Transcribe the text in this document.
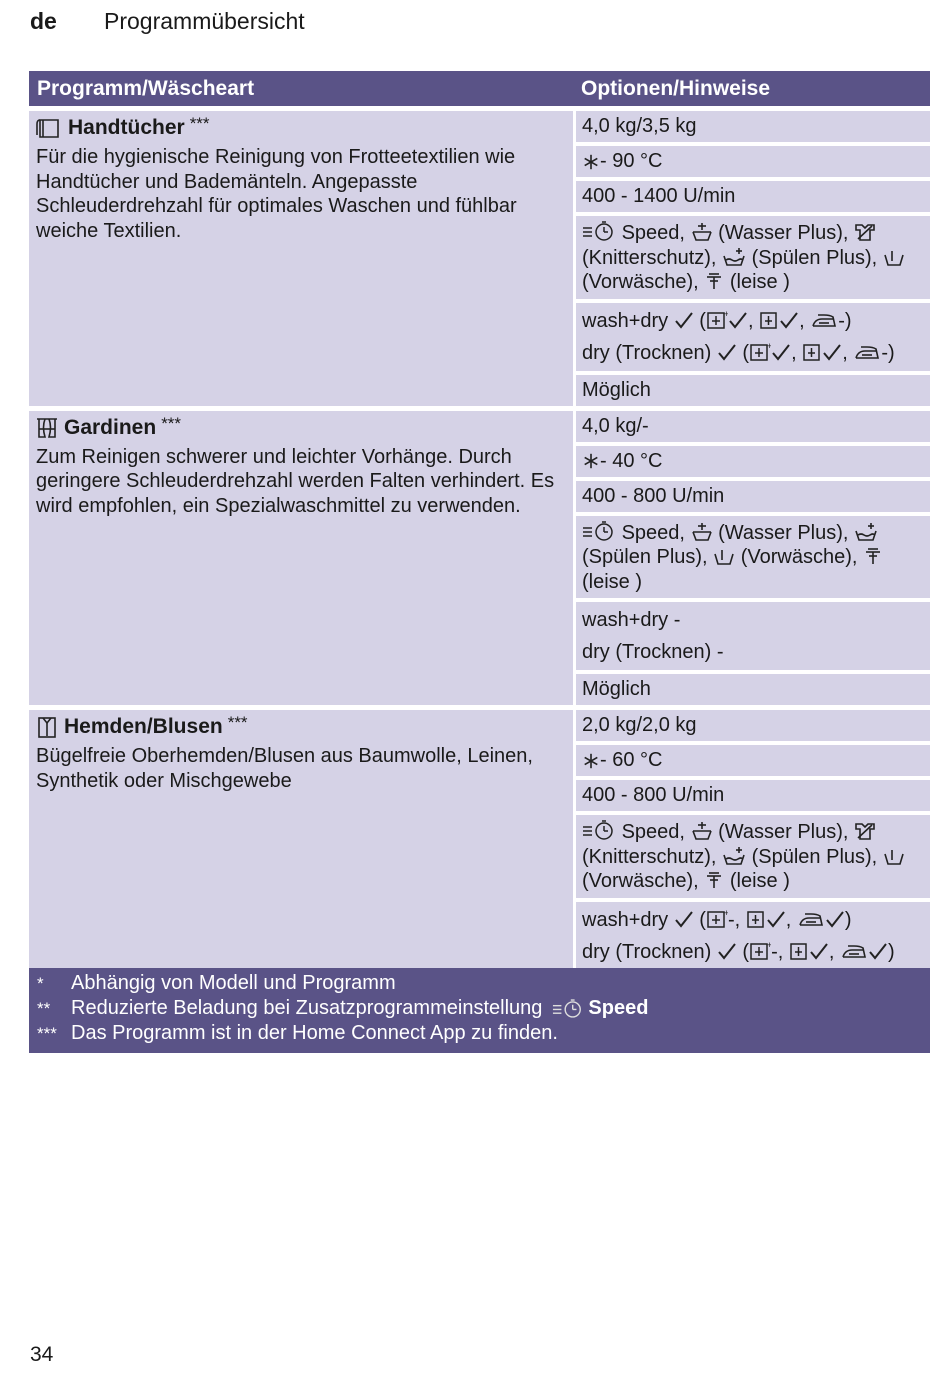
de Programmübersicht
Programm/Wäscheart	Optionen/Hinweise
Handtücher ***
Für die hygienische Reinigung von Frotteetextilien wie Handtücher und Bademänteln. Angepasste Schleuderdrehzahl für optimales Waschen und fühlbar weiche Textilien.
4,0 kg/3,5 kg
- 90 °C
400 - 1400 U/min
Speed, (Wasser Plus),  (Knitterschutz), (Spülen Plus),  (Vorwäsche), (leise )
wash+dry  ( , , -)
dry (Trocknen)  ( , , -)
Möglich
Gardinen ***
Zum Reinigen schwerer und leichter Vorhänge. Durch geringere Schleuderdrehzahl werden Falten verhindert. Es wird empfohlen, ein Spezialwaschmittel zu verwenden.
4,0 kg/-
- 40 °C
400 - 800 U/min
Speed, (Wasser Plus),  (Spülen Plus), (Vorwäsche),  (leise )
wash+dry -
dry (Trocknen) -
Möglich
Hemden/Blusen ***
Bügelfreie Oberhemden/Blusen aus Baumwolle, Leinen, Synthetik oder Mischgewebe
2,0 kg/2,0 kg
- 60 °C
400 - 800 U/min
Speed, (Wasser Plus),  (Knitterschutz), (Spülen Plus),  (Vorwäsche), (leise )
wash+dry  ( -, , )
dry (Trocknen)  ( -, , )
*	Abhängig von Modell und Programm
**	Reduzierte Beladung bei Zusatzprogrammeinstellung Speed
*** Das Programm ist in der Home Connect App zu finden.
34
